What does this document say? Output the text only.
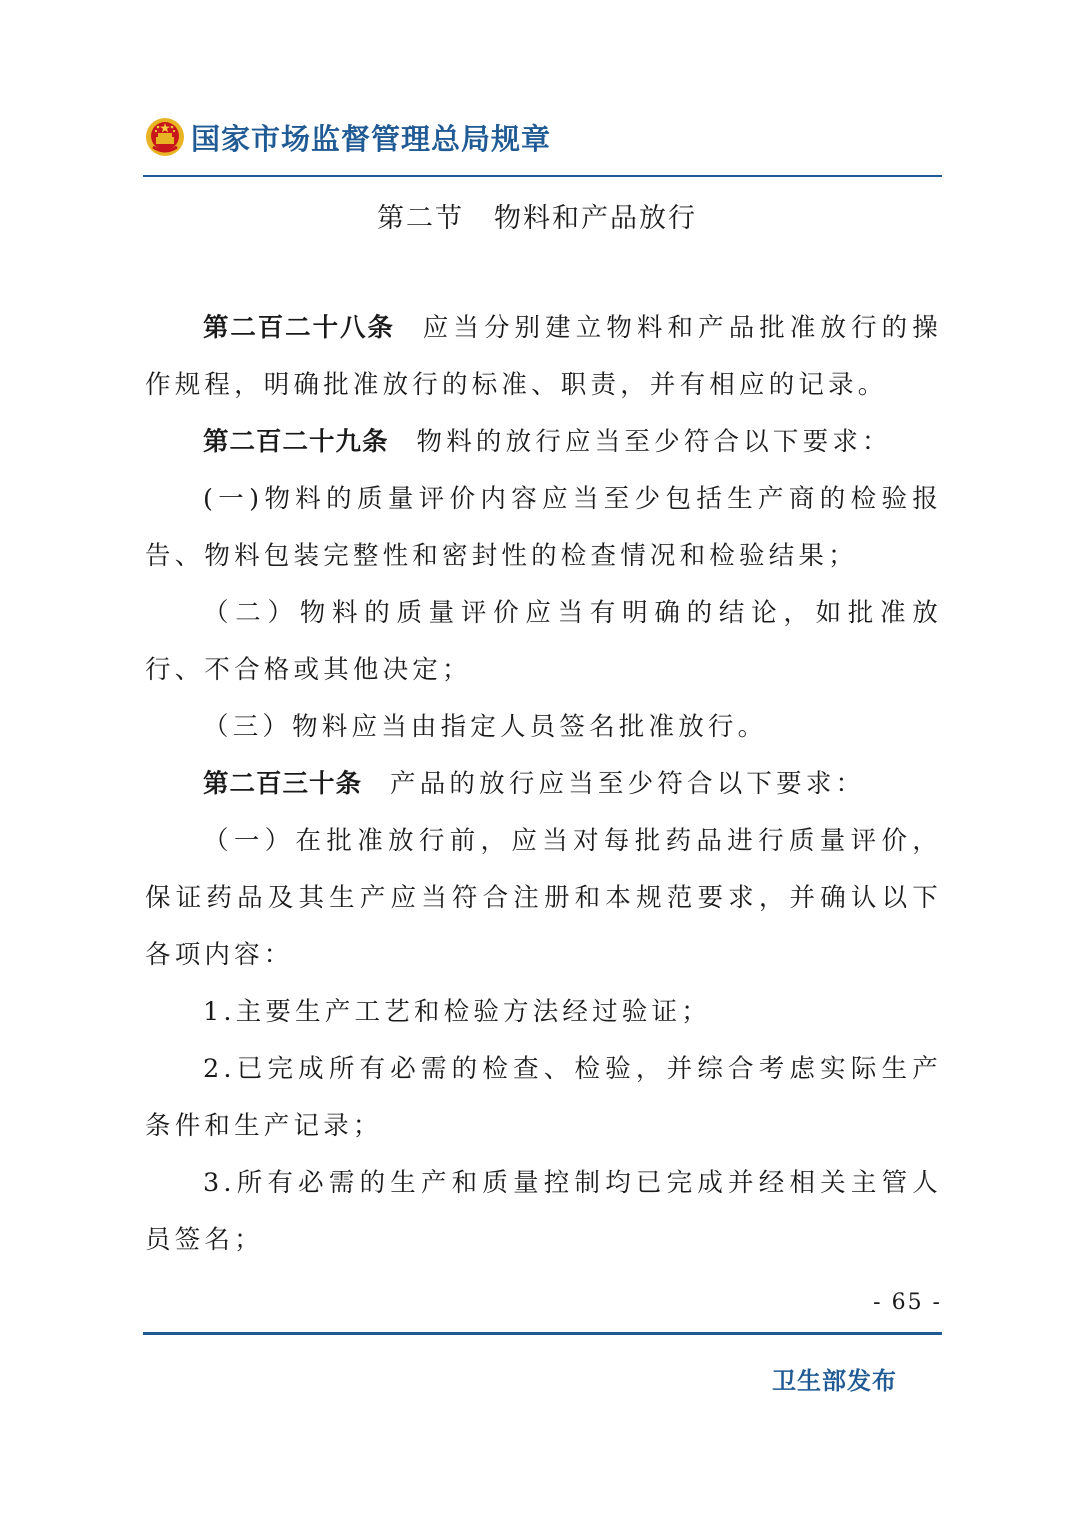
国家市场监督管理总局规章
第二节 物料和产品放行

第二百二十八条 应当分别建立物料和产品批准放行的操作规程，明确批准放行的标准、职责，并有相应的记录。

第二百二十九条 物料的放行应当至少符合以下要求：

(一)物料的质量评价内容应当至少包括生产商的检验报告、物料包装完整性和密封性的检查情况和检验结果；

（二）物料的质量评价应当有明确的结论，如批准放行、不合格或其他决定；

（三）物料应当由指定人员签名批准放行。

第二百三十条 产品的放行应当至少符合以下要求：

（一）在批准放行前，应当对每批药品进行质量评价，保证药品及其生产应当符合注册和本规范要求，并确认以下各项内容：

1.主要生产工艺和检验方法经过验证；

2.已完成所有必需的检查、检验，并综合考虑实际生产条件和生产记录；

3.所有必需的生产和质量控制均已完成并经相关主管人员签名；

- 65 -
卫生部发布
